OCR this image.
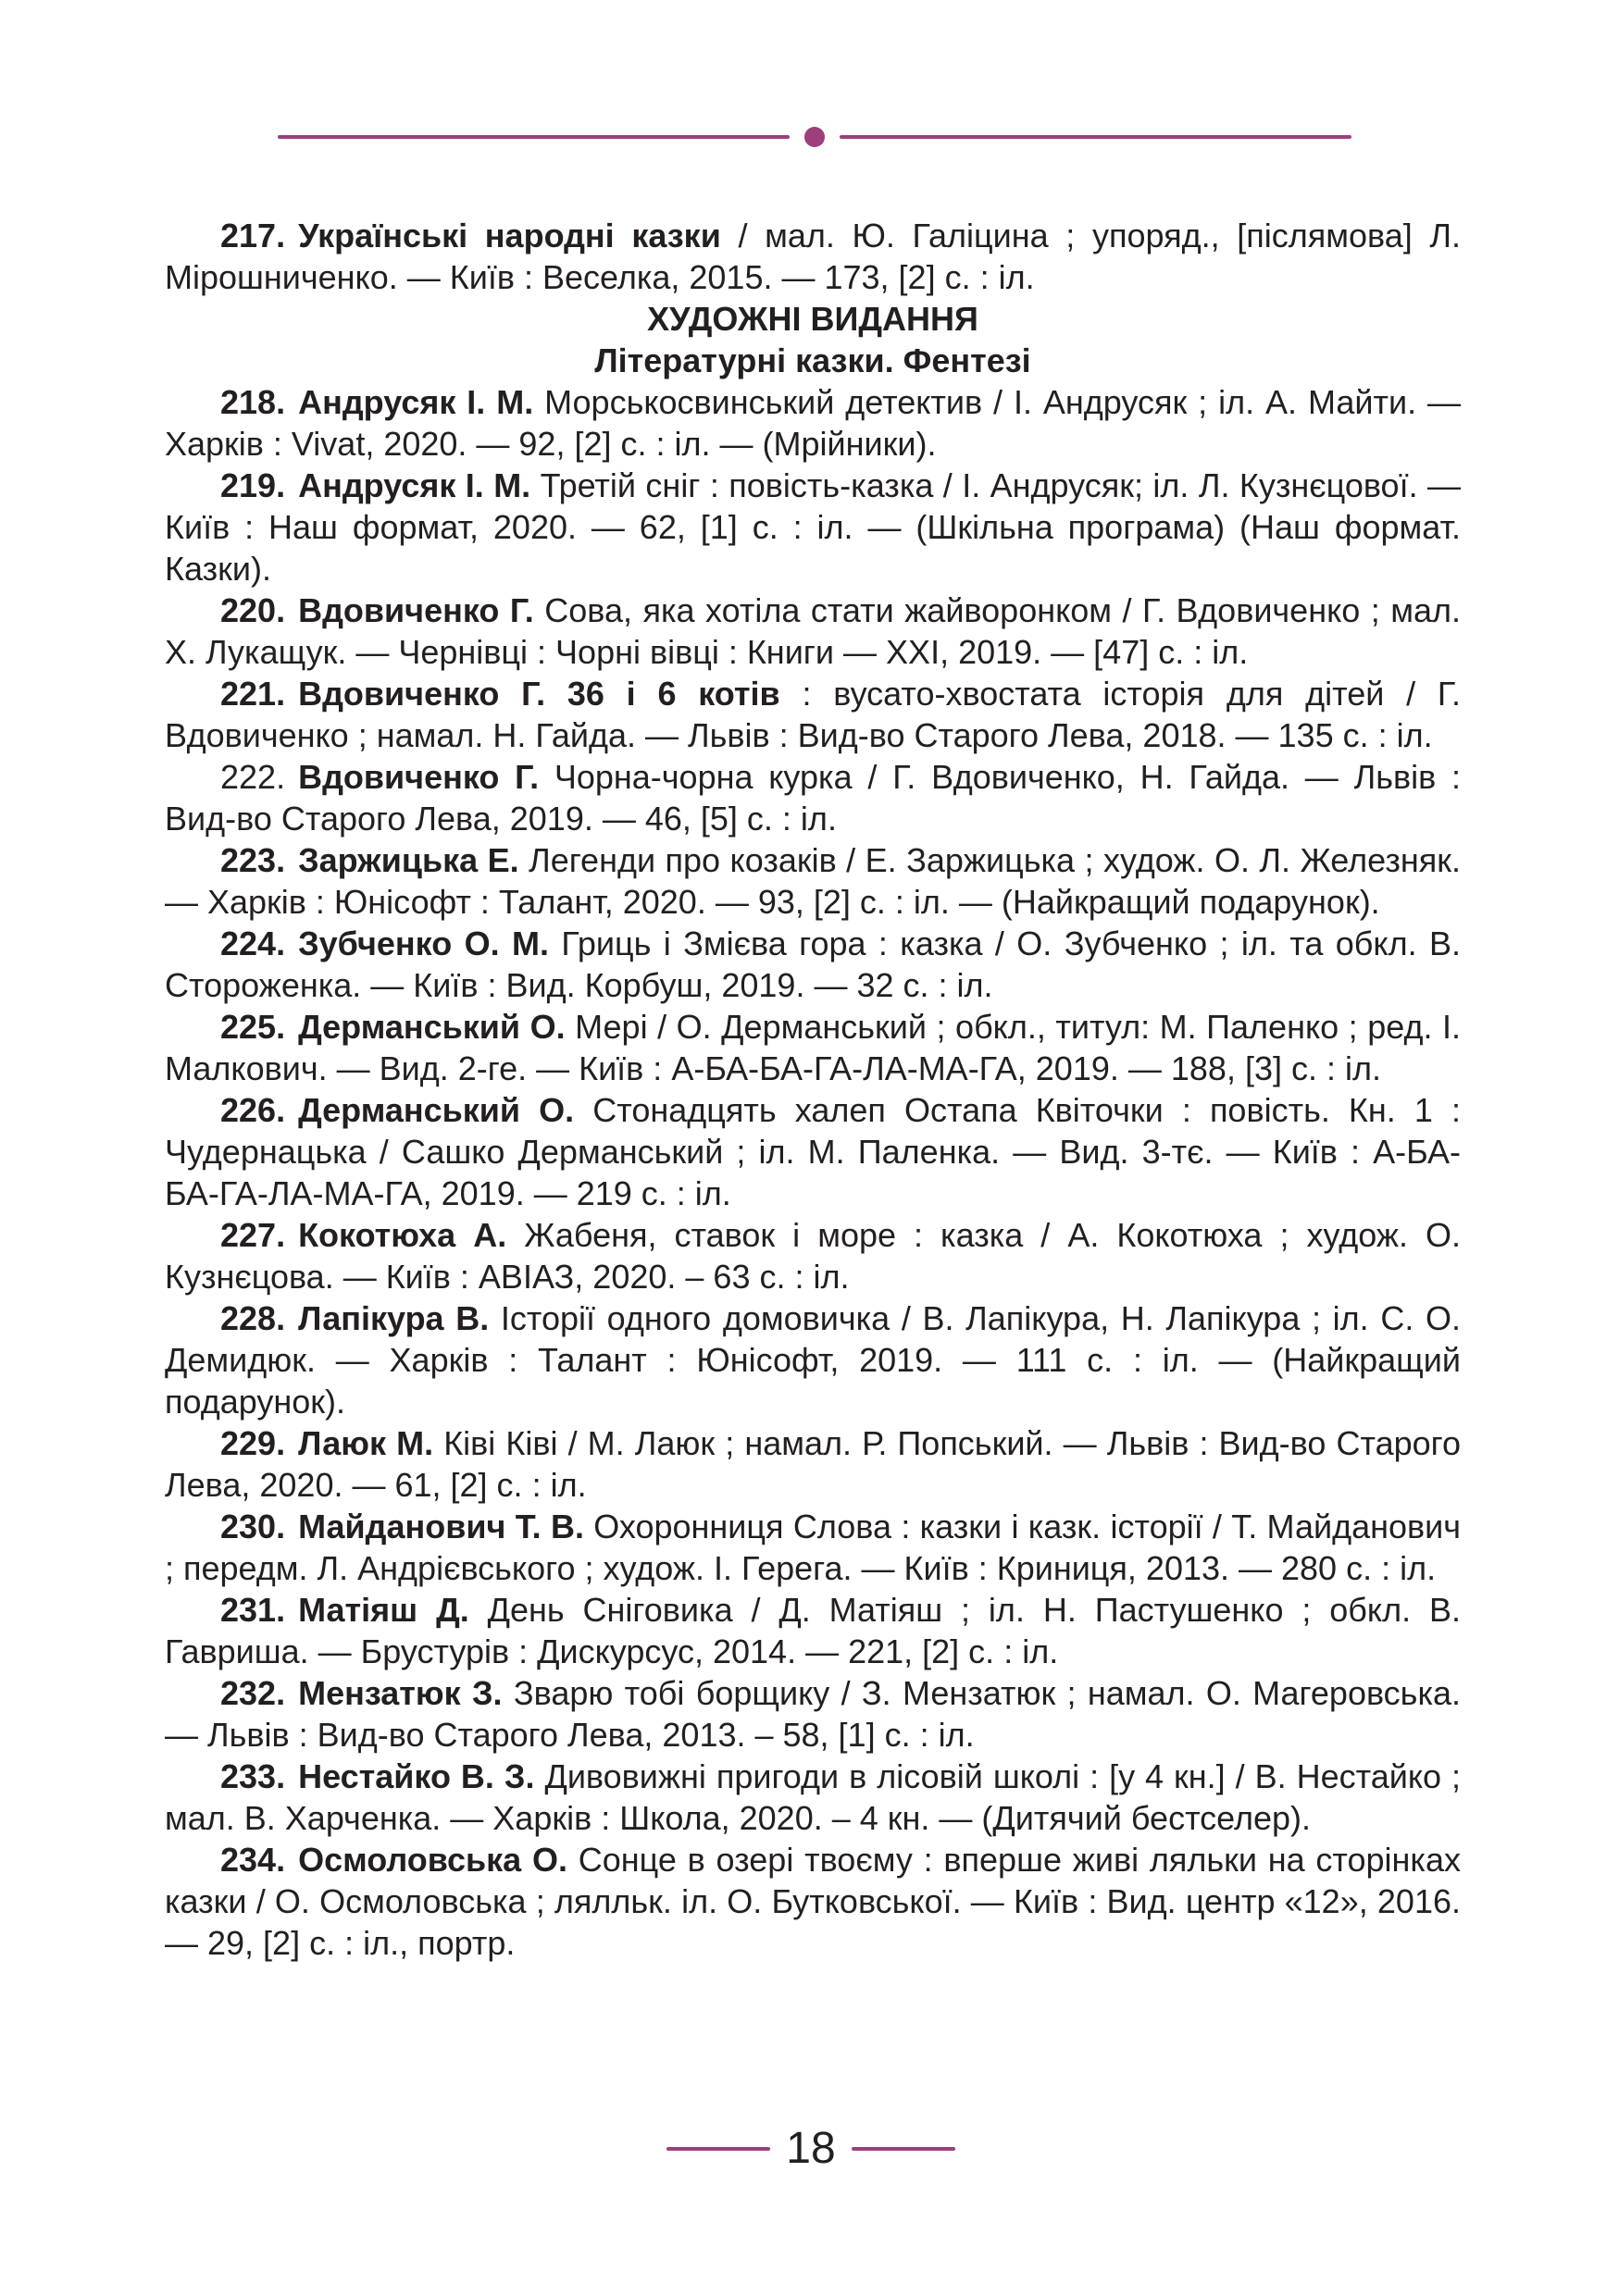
217. Українські народні казки / мал. Ю. Галіцина ; упоряд., [післямова] Л. Мірошниченко. — Київ : Веселка, 2015. — 173, [2] с. : іл.

ХУДОЖНІ ВИДАННЯ

Літературні казки. Фентезі

218. Андрусяк І. М. Морськосвинський детектив / І. Андрусяк ; іл. А. Майти. — Харків : Vivat, 2020. — 92, [2] с. : іл. — (Мрійники).

219. Андрусяк І. М. Третій сніг : повість-казка / І. Андрусяк; іл. Л. Кузнєцової. — Київ : Наш формат, 2020. — 62, [1] с. : іл. — (Шкільна програма) (Наш формат. Казки).

220. Вдовиченко Г. Сова, яка хотіла стати жайворонком / Г. Вдовиченко ; мал. Х. Лукащук. — Чернівці : Чорні вівці : Книги — ХХІ, 2019. — [47] с. : іл.

221. Вдовиченко Г. 36 і 6 котів : вусато-хвостата історія для дітей / Г. Вдовиченко ; намал. Н. Гайда. — Львів : Вид-во Старого Лева, 2018. — 135 с. : іл.

222. Вдовиченко Г. Чорна-чорна курка / Г. Вдовиченко, Н. Гайда. — Львів : Вид-во Старого Лева, 2019. — 46, [5] с. : іл.

223. Заржицька Е. Легенди про козаків / Е. Заржицька ; худож. О. Л. Железняк. — Харків : Юнісофт : Талант, 2020. — 93, [2] с. : іл. — (Найкращий подарунок).

224. Зубченко О. М. Гриць і Змієва гора : казка / О. Зубченко ; іл. та обкл. В. Стороженка. — Київ : Вид. Корбуш, 2019. — 32 с. : іл.

225. Дерманський О. Мері / О. Дерманський ; обкл., титул: М. Паленко ; ред. І. Малкович. — Вид. 2-ге. — Київ : А-БА-БА-ГА-ЛА-МА-ГА, 2019. — 188, [3] с. : іл.

226. Дерманський О. Стонадцять халеп Остапа Квіточки : повість. Кн. 1 : Чудернацька / Сашко Дерманський ; іл. М. Паленка. — Вид. 3-тє. — Київ : А-БА-БА-ГА-ЛА-МА-ГА, 2019. — 219 с. : іл.

227. Кокотюха А. Жабеня, ставок і море : казка / А. Кокотюха ; худож. О. Кузнєцова. — Київ : АВІАЗ, 2020. – 63 с. : іл.

228. Лапікура В. Історії одного домовичка / В. Лапікура, Н. Лапікура ; іл. С. О. Демидюк. — Харків : Талант : Юнісофт, 2019. — 111 с. : іл. — (Найкращий подарунок).

229. Лаюк М. Ківі Ківі / М. Лаюк ; намал. Р. Попський. — Львів : Вид-во Старого Лева, 2020. — 61, [2] с. : іл.

230. Майданович Т. В. Охоронниця Слова : казки і казк. історії / Т. Майданович ; передм. Л. Андрієвського ; худож. І. Герега. — Київ : Криниця, 2013. — 280 с. : іл.

231. Матіяш Д. День Сніговика / Д. Матіяш ; іл. Н. Пастушенко ; обкл. В. Гавриша. — Брустурів : Дискурсус, 2014. — 221, [2] с. : іл.

232. Мензатюк З. Зварю тобі борщику / З. Мензатюк ; намал. О. Магеровська. — Львів : Вид-во Старого Лева, 2013. – 58, [1] с. : іл.

233. Нестайко В. З. Дивовижні пригоди в лісовій школі : [у 4 кн.] / В. Нестайко ; мал. В. Харченка. — Харків : Школа, 2020. – 4 кн. — (Дитячий бестселер).

234. Осмоловська О. Сонце в озері твоєму : вперше живі ляльки на сторінках казки / О. Осмоловська ; лялльк. іл. О. Бутковської. — Київ : Вид. центр «12», 2016. — 29, [2] с. : іл., портр.

18
